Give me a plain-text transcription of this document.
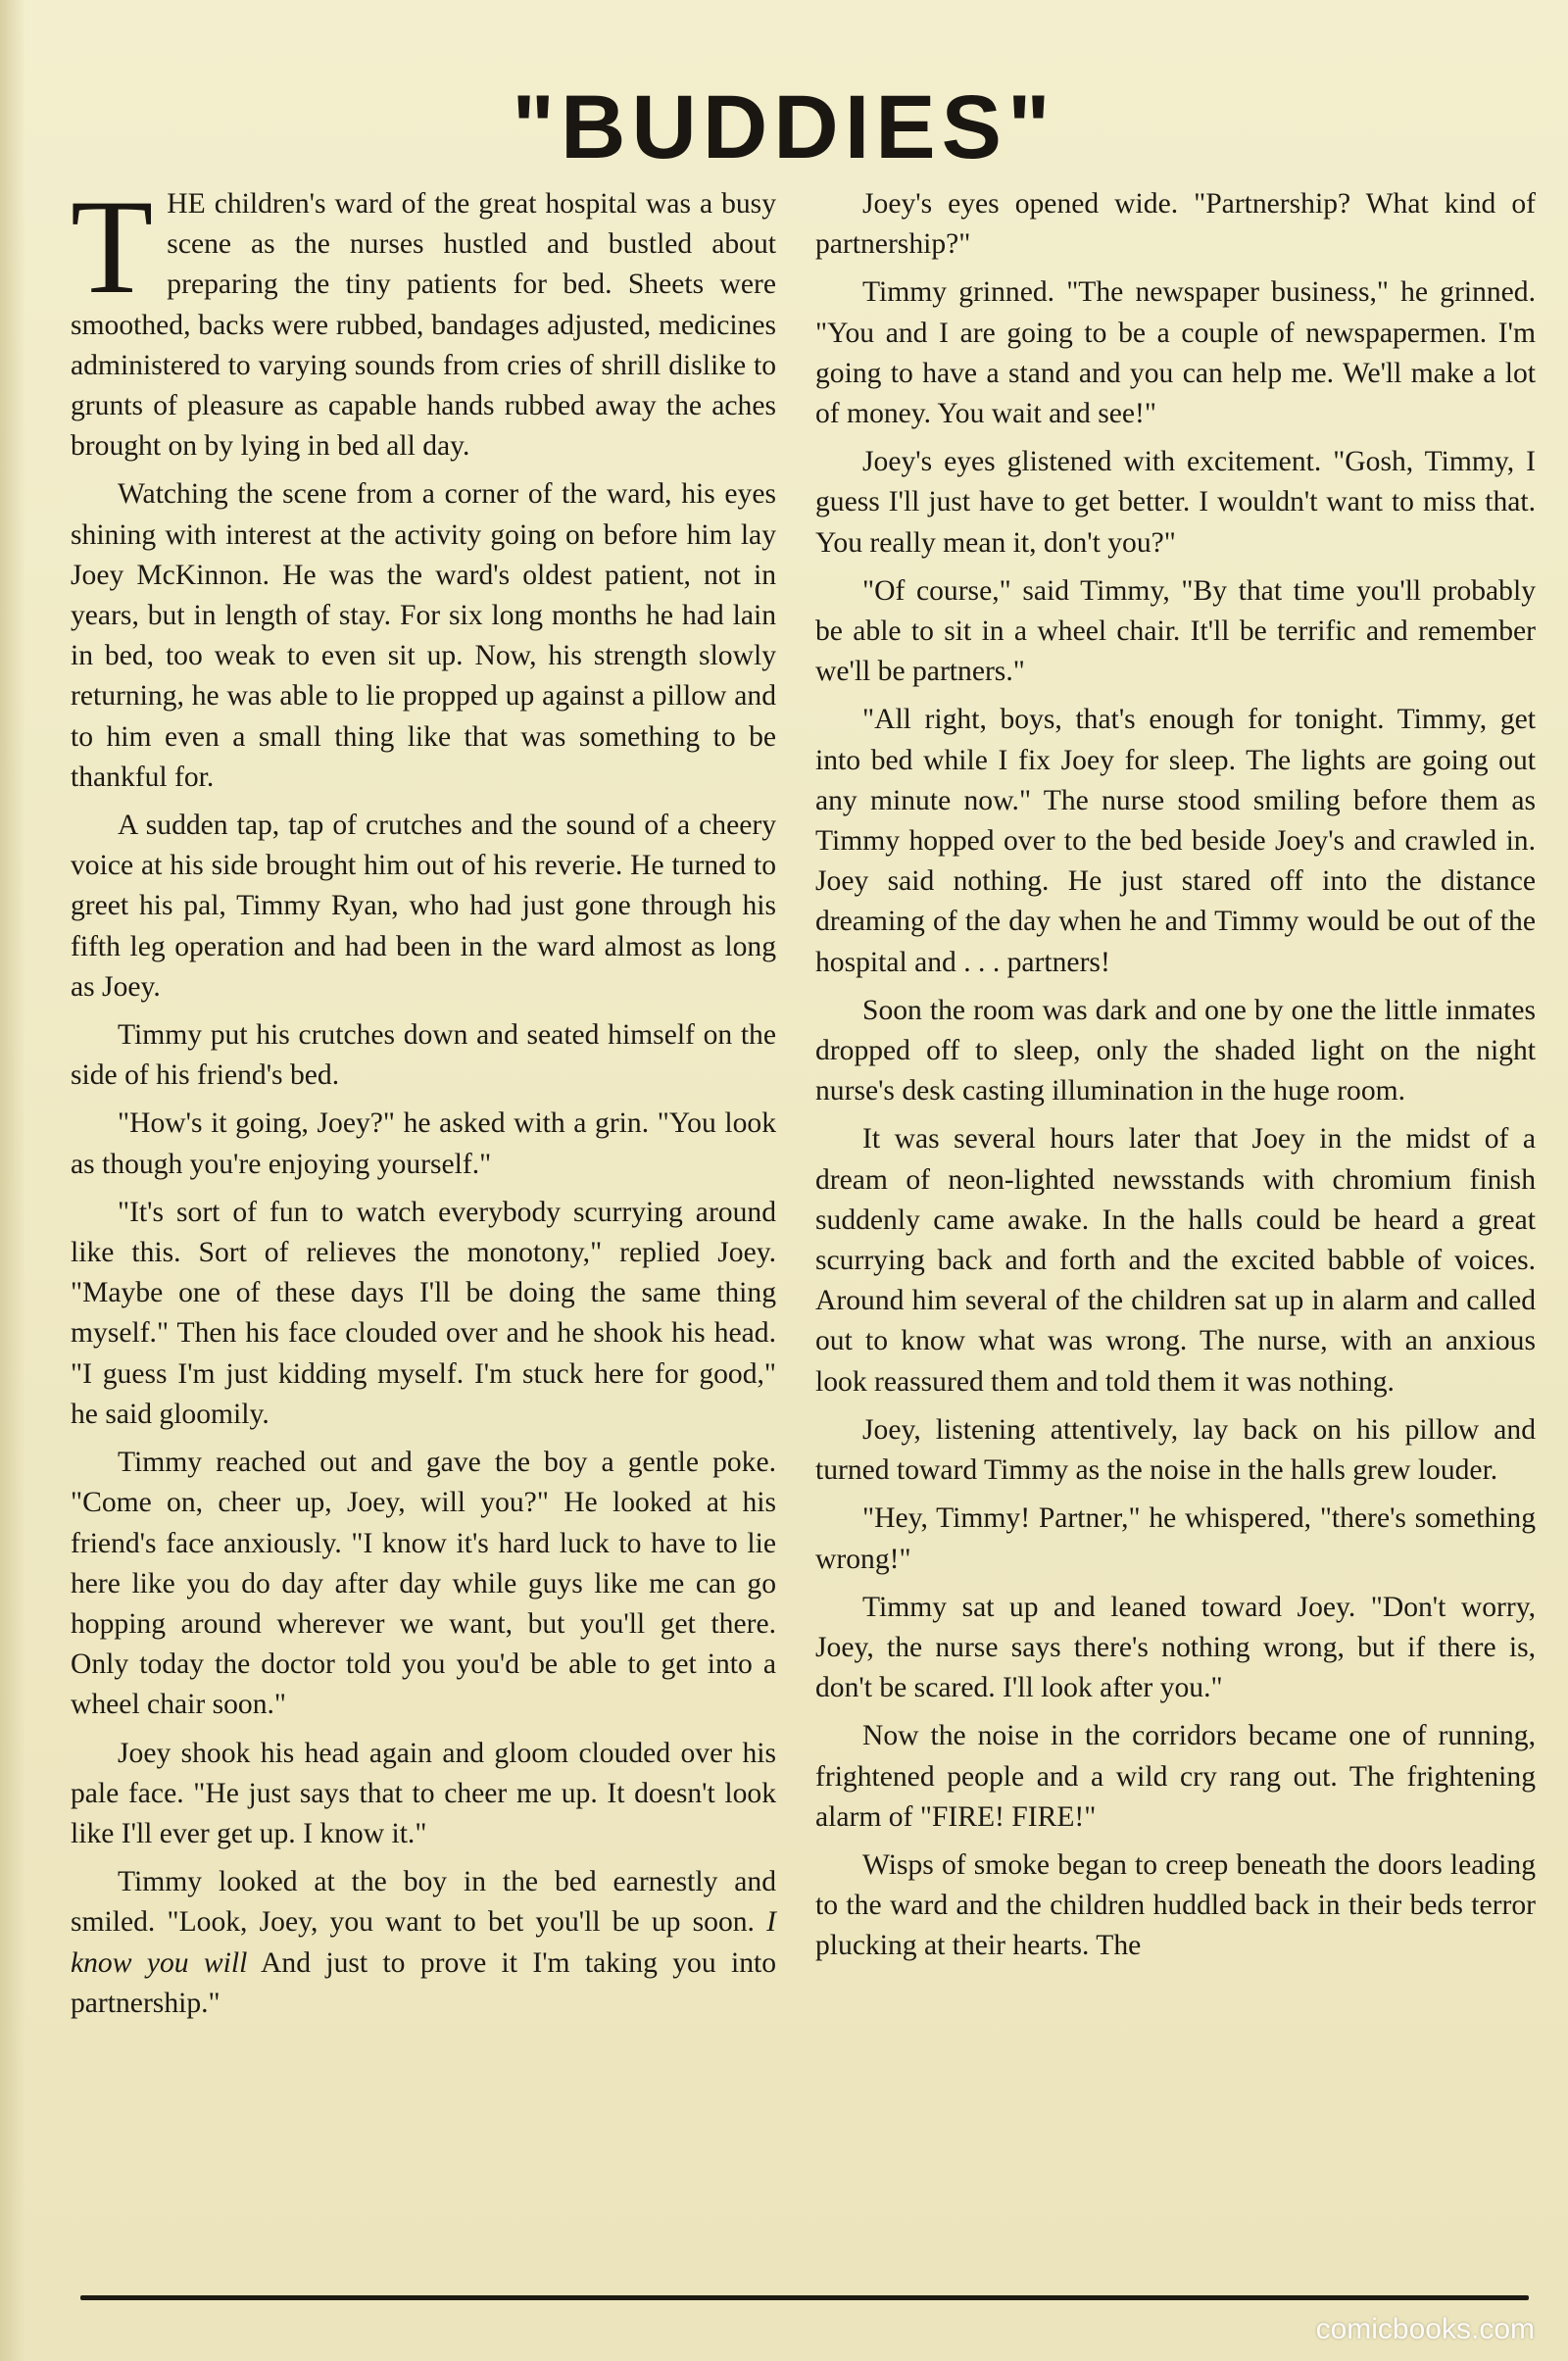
"BUDDIES"

THE children's ward of the great hospital was a busy scene as the nurses hustled and bustled about preparing the tiny patients for bed. Sheets were smoothed, backs were rubbed, bandages adjusted, medicines administered to varying sounds from cries of shrill dislike to grunts of pleasure as capable hands rubbed away the aches brought on by lying in bed all day.

Watching the scene from a corner of the ward, his eyes shining with interest at the activity going on before him lay Joey McKinnon. He was the ward's oldest patient, not in years, but in length of stay. For six long months he had lain in bed, too weak to even sit up. Now, his strength slowly returning, he was able to lie propped up against a pillow and to him even a small thing like that was something to be thankful for.

A sudden tap, tap of crutches and the sound of a cheery voice at his side brought him out of his reverie. He turned to greet his pal, Timmy Ryan, who had just gone through his fifth leg operation and had been in the ward almost as long as Joey.

Timmy put his crutches down and seated himself on the side of his friend's bed.

"How's it going, Joey?" he asked with a grin. "You look as though you're enjoying yourself."

"It's sort of fun to watch everybody scurrying around like this. Sort of relieves the monotony," replied Joey. "Maybe one of these days I'll be doing the same thing myself." Then his face clouded over and he shook his head. "I guess I'm just kidding myself. I'm stuck here for good," he said gloomily.

Timmy reached out and gave the boy a gentle poke. "Come on, cheer up, Joey, will you?" He looked at his friend's face anxiously. "I know it's hard luck to have to lie here like you do day after day while guys like me can go hopping around wherever we want, but you'll get there. Only today the doctor told you you'd be able to get into a wheel chair soon."

Joey shook his head again and gloom clouded over his pale face. "He just says that to cheer me up. It doesn't look like I'll ever get up. I know it."

Timmy looked at the boy in the bed earnestly and smiled. "Look, Joey, you want to bet you'll be up soon. I know you will And just to prove it I'm taking you into partnership."

Joey's eyes opened wide. "Partnership? What kind of partnership?"

Timmy grinned. "The newspaper business," he grinned. "You and I are going to be a couple of newspapermen. I'm going to have a stand and you can help me. We'll make a lot of money. You wait and see!"

Joey's eyes glistened with excitement. "Gosh, Timmy, I guess I'll just have to get better. I wouldn't want to miss that. You really mean it, don't you?"

"Of course," said Timmy, "By that time you'll probably be able to sit in a wheel chair. It'll be terrific and remember we'll be partners."

"All right, boys, that's enough for tonight. Timmy, get into bed while I fix Joey for sleep. The lights are going out any minute now." The nurse stood smiling before them as Timmy hopped over to the bed beside Joey's and crawled in. Joey said nothing. He just stared off into the distance dreaming of the day when he and Timmy would be out of the hospital and . . . partners!

Soon the room was dark and one by one the little inmates dropped off to sleep, only the shaded light on the night nurse's desk casting illumination in the huge room.

It was several hours later that Joey in the midst of a dream of neon-lighted newsstands with chromium finish suddenly came awake. In the halls could be heard a great scurrying back and forth and the excited babble of voices. Around him several of the children sat up in alarm and called out to know what was wrong. The nurse, with an anxious look reassured them and told them it was nothing.

Joey, listening attentively, lay back on his pillow and turned toward Timmy as the noise in the halls grew louder.

"Hey, Timmy! Partner," he whispered, "there's something wrong!"

Timmy sat up and leaned toward Joey. "Don't worry, Joey, the nurse says there's nothing wrong, but if there is, don't be scared. I'll look after you."

Now the noise in the corridors became one of running, frightened people and a wild cry rang out. The frightening alarm of "FIRE! FIRE!"

Wisps of smoke began to creep beneath the doors leading to the ward and the children huddled back in their beds terror plucking at their hearts. The

comicbooks.com
